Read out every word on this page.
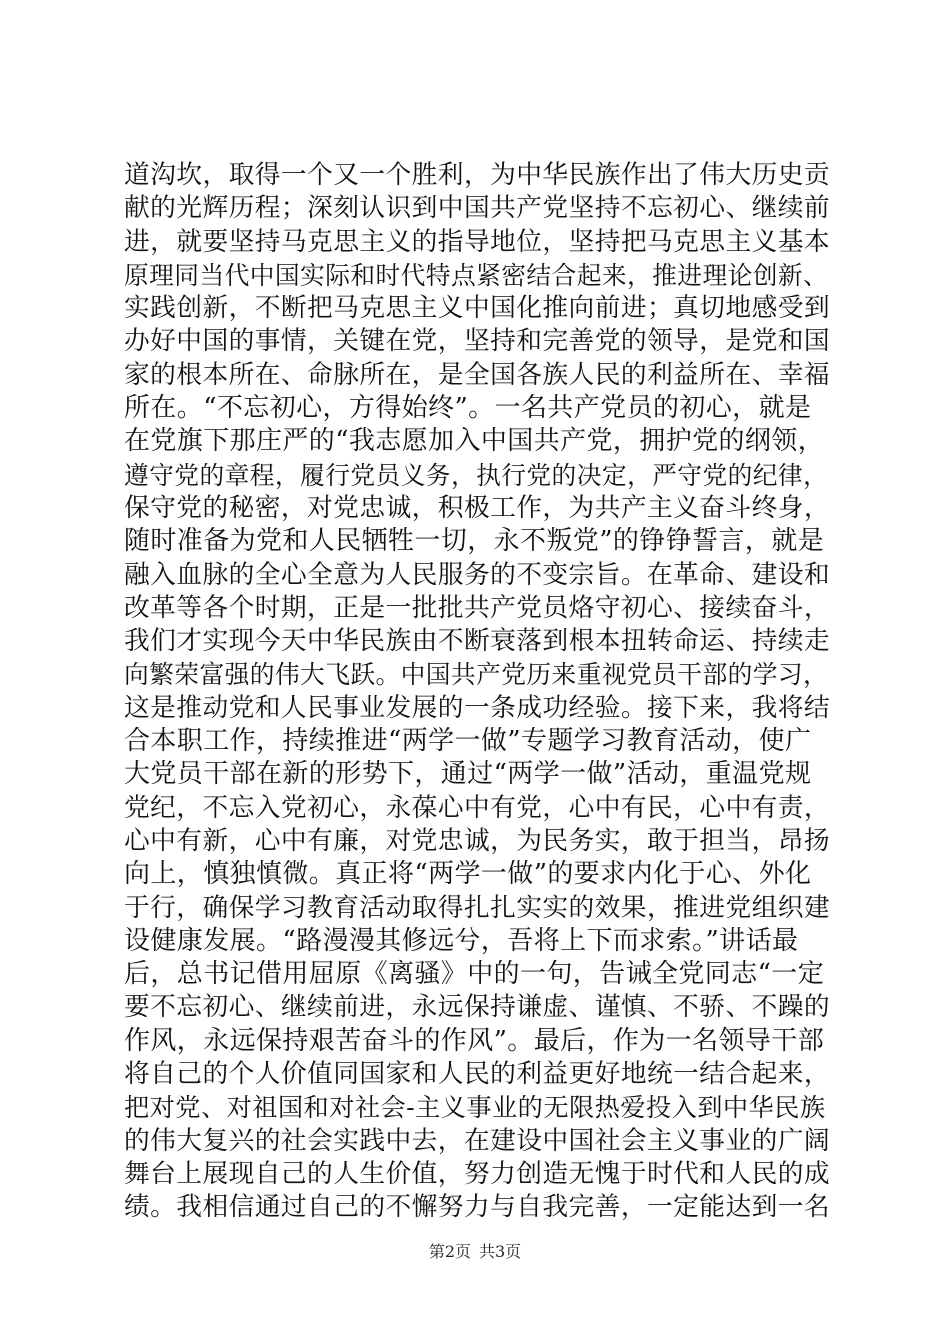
道沟坎，取得一个又一个胜利，为中华民族作出了伟大历史贡
献的光辉历程；深刻认识到中国共产党坚持不忘初心、继续前
进，就要坚持马克思主义的指导地位，坚持把马克思主义基本
原理同当代中国实际和时代特点紧密结合起来，推进理论创新、
实践创新，不断把马克思主义中国化推向前进；真切地感受到
办好中国的事情，关键在党，坚持和完善党的领导，是党和国
家的根本所在、命脉所在，是全国各族人民的利益所在、幸福
所在。“不忘初心，方得始终”。一名共产党员的初心，就是
在党旗下那庄严的“我志愿加入中国共产党，拥护党的纲领，
遵守党的章程，履行党员义务，执行党的决定，严守党的纪律，
保守党的秘密，对党忠诚，积极工作，为共产主义奋斗终身，
随时准备为党和人民牺牲一切，永不叛党”的铮铮誓言，就是
融入血脉的全心全意为人民服务的不变宗旨。在革命、建设和
改革等各个时期，正是一批批共产党员烙守初心、接续奋斗，
我们才实现今天中华民族由不断衰落到根本扭转命运、持续走
向繁荣富强的伟大飞跃。中国共产党历来重视党员干部的学习，
这是推动党和人民事业发展的一条成功经验。接下来，我将结
合本职工作，持续推进“两学一做”专题学习教育活动，使广
大党员干部在新的形势下，通过“两学一做”活动，重温党规
党纪，不忘入党初心，永葆心中有党，心中有民，心中有责，
心中有新，心中有廉，对党忠诚，为民务实，敢于担当，昂扬
向上，慎独慎微。真正将“两学一做”的要求内化于心、外化
于行，确保学习教育活动取得扎扎实实的效果，推进党组织建
设健康发展。“路漫漫其修远兮，吾将上下而求索。”讲话最
后，总书记借用屈原《离骚》中的一句，告诫全党同志“一定
要不忘初心、继续前进，永远保持谦虚、谨慎、不骄、不躁的
作风，永远保持艰苦奋斗的作风”。最后，作为一名领导干部
将自己的个人价值同国家和人民的利益更好地统一结合起来，
把对党、对祖国和对社会-主义事业的无限热爱投入到中华民族
的伟大复兴的社会实践中去，在建设中国社会主义事业的广阔
舞台上展现自己的人生价值，努力创造无愧于时代和人民的成
绩。我相信通过自己的不懈努力与自我完善，一定能达到一名
第2页 共3页
